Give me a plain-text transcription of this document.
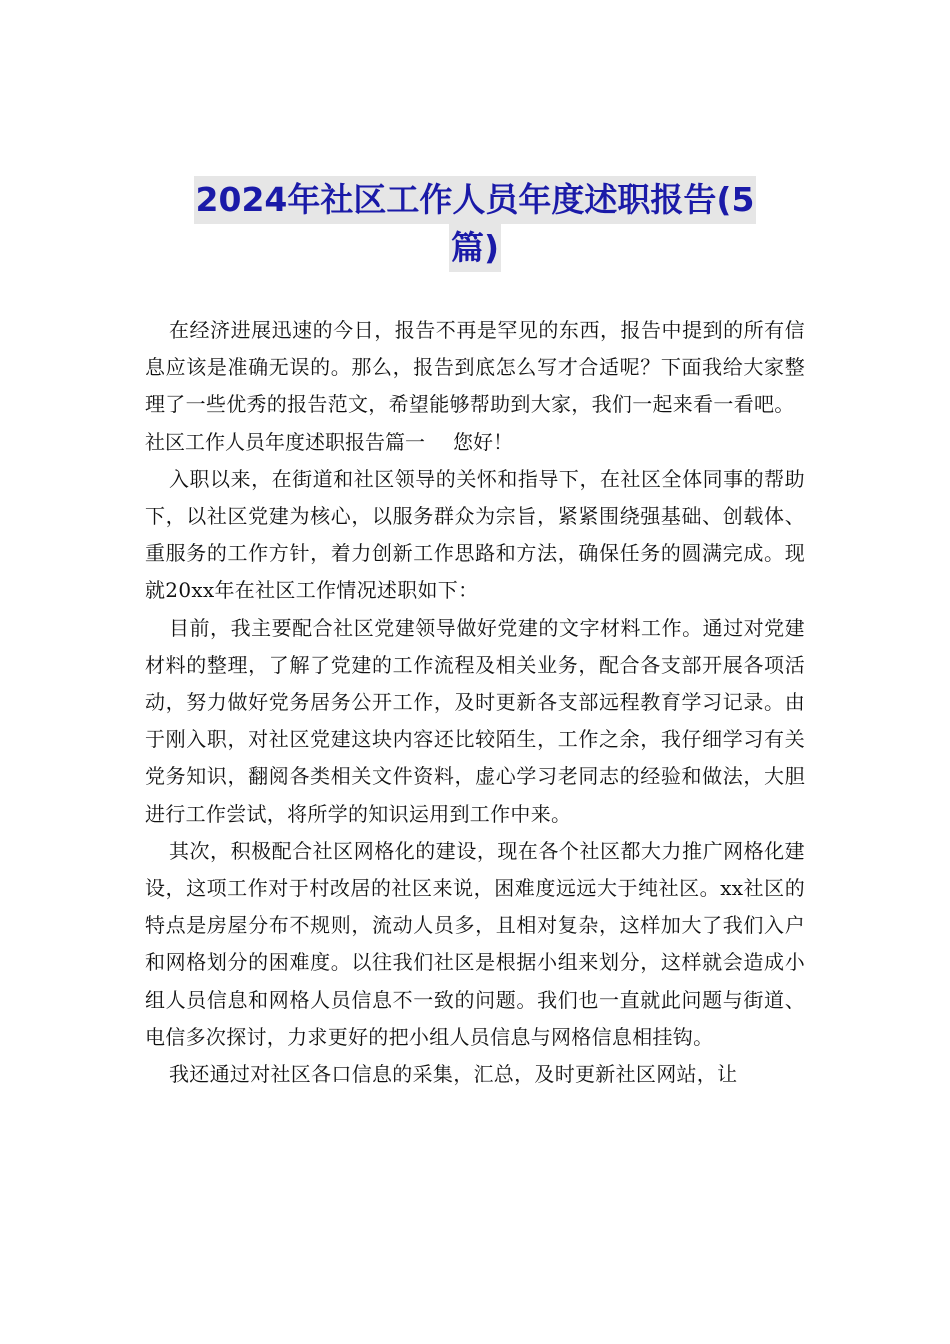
2024年社区工作人员年度述职报告(5
篇)

在经济进展迅速的今日，报告不再是罕见的东西，报告中提到的所有信息应该是准确无误的。那么，报告到底怎么写才合适呢？下面我给大家整理了一些优秀的报告范文，希望能够帮助到大家，我们一起来看一看吧。

社区工作人员年度述职报告篇一 您好！

入职以来，在街道和社区领导的关怀和指导下，在社区全体同事的帮助下，以社区党建为核心，以服务群众为宗旨，紧紧围绕强基础、创载体、重服务的工作方针，着力创新工作思路和方法，确保任务的圆满完成。现就20xx年在社区工作情况述职如下：

目前，我主要配合社区党建领导做好党建的文字材料工作。通过对党建材料的整理，了解了党建的工作流程及相关业务，配合各支部开展各项活动，努力做好党务居务公开工作，及时更新各支部远程教育学习记录。由于刚入职，对社区党建这块内容还比较陌生，工作之余，我仔细学习有关党务知识，翻阅各类相关文件资料，虚心学习老同志的经验和做法，大胆进行工作尝试，将所学的知识运用到工作中来。

其次，积极配合社区网格化的建设，现在各个社区都大力推广网格化建设，这项工作对于村改居的社区来说，困难度远远大于纯社区。xx社区的特点是房屋分布不规则，流动人员多，且相对复杂，这样加大了我们入户和网格划分的困难度。以往我们社区是根据小组来划分，这样就会造成小组人员信息和网格人员信息不一致的问题。我们也一直就此问题与街道、电信多次探讨，力求更好的把小组人员信息与网格信息相挂钩。

我还通过对社区各口信息的采集，汇总，及时更新社区网站，让
